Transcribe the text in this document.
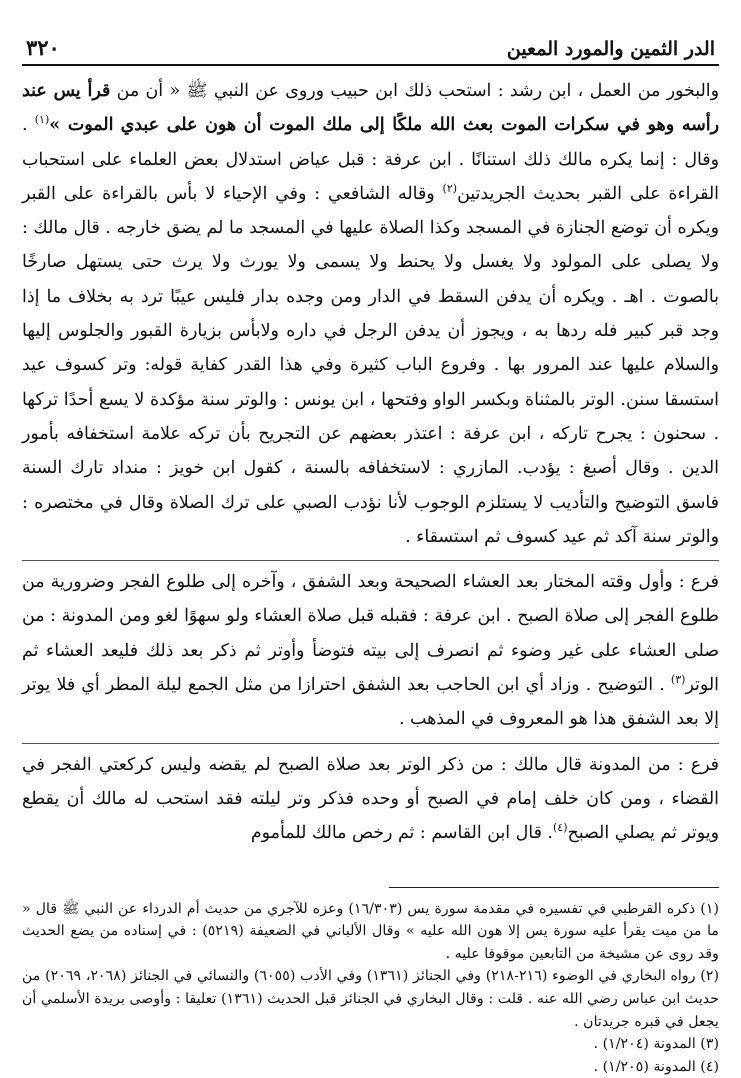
٣٢٠	الدر الثمين والمورد المعين

والبخور من العمل ، ابن رشد : استحب ذلك ابن حبيب وروى عن النبي ﷺ « أن من قرأ يس عند رأسه وهو في سكرات الموت بعث الله ملكًا إلى ملك الموت أن هون على عبدي الموت »$^{(١)}$ . وقال : إنما يكره مالك ذلك استنانًا . ابن عرفة : قبل عياض استدلال بعض العلماء على استحباب القراءة على القبر بحديث الجريدتين$^{(٢)}$ وقاله الشافعي : وفي الإحياء لا بأس بالقراءة على القبر ويكره أن توضع الجنازة في المسجد وكذا الصلاة عليها في المسجد ما لم يضق خارجه . قال مالك : ولا يصلى على المولود ولا يغسل ولا يحنط ولا يسمى ولا يورث ولا يرث حتى يستهل صارخًا بالصوت . اهـ . ويكره أن يدفن السقط في الدار ومن وجده بدار فليس عيبًا ترد به بخلاف ما إذا وجد قبر كبير فله ردها به ، ويجوز أن يدفن الرجل في داره ولابأس بزيارة القبور والجلوس إليها والسلام عليها عند المرور بها . وفروع الباب كثيرة وفي هذا القدر كفاية قوله: وتر كسوف عيد استسقا سنن. الوتر بالمثناة وبكسر الواو وفتحها ، ابن يونس : والوتر سنة مؤكدة لا يسع أحدًا تركها . سحنون : يجرح تاركه ، ابن عرفة : اعتذر بعضهم عن التجريح بأن تركه علامة استخفافه بأمور الدين . وقال أصبغ : يؤدب. المازري : لاستخفافه بالسنة ، كقول ابن خويز : منداد تارك السنة فاسق التوضيح والتأديب لا يستلزم الوجوب لأنا نؤدب الصبي على ترك الصلاة وقال في مختصره : والوتر سنة آكد ثم عيد كسوف ثم استسقاء .

فرع : وأول وقته المختار بعد العشاء الصحيحة وبعد الشفق ، وآخره إلى طلوع الفجر وضرورية من طلوع الفجر إلى صلاة الصبح . ابن عرفة : فقبله قبل صلاة العشاء ولو سهوًا لغو ومن المدونة : من صلى العشاء على غير وضوء ثم انصرف إلى بيته فتوضأ وأوتر ثم ذكر بعد ذلك فليعد العشاء ثم الوتر$^{(٣)}$ . التوضيح . وزاد أي ابن الحاجب بعد الشفق احترازا من مثل الجمع ليلة المطر أي فلا يوتر إلا بعد الشفق هذا هو المعروف في المذهب .

فرع : من المدونة قال مالك : من ذكر الوتر بعد صلاة الصبح لم يقضه وليس كركعتي الفجر في القضاء ، ومن كان خلف إمام في الصبح أو وحده فذكر وتر ليلته فقد استحب له مالك أن يقطع ويوتر ثم يصلي الصبح$^{(٤)}$. قال ابن القاسم : ثم رخص مالك للمأموم

(١) ذكره القرطبي في تفسيره في مقدمة سورة يس (١٦/٣٠٣) وعزه للآجري من حديث أم الدرداء عن النبي ﷺ قال « ما من ميت يقرأ عليه سورة يس إلا هون الله عليه » وقال الألباني في الضعيفة (٥٢١٩) : في إسناده من يضع الحديث وقد روى عن مشيخة من التابعين موقوفا عليه .

(٢) رواه البخاري في الوضوء (٢١٦-٢١٨) وفي الجنائز (١٣٦١) وفي الأدب (٦٠٥٥) والنسائي في الجنائز (٢٠٦٨، ٢٠٦٩) من حديث ابن عباس رضي الله عنه . قلت : وقال البخاري في الجنائز قبل الحديث (١٣٦١) تعليقا : وأوصى بريدة الأسلمي أن يجعل في قبره جريدتان .

(٣) المدونة (١/٢٠٤) .

(٤) المدونة (١/٢٠٥) .
